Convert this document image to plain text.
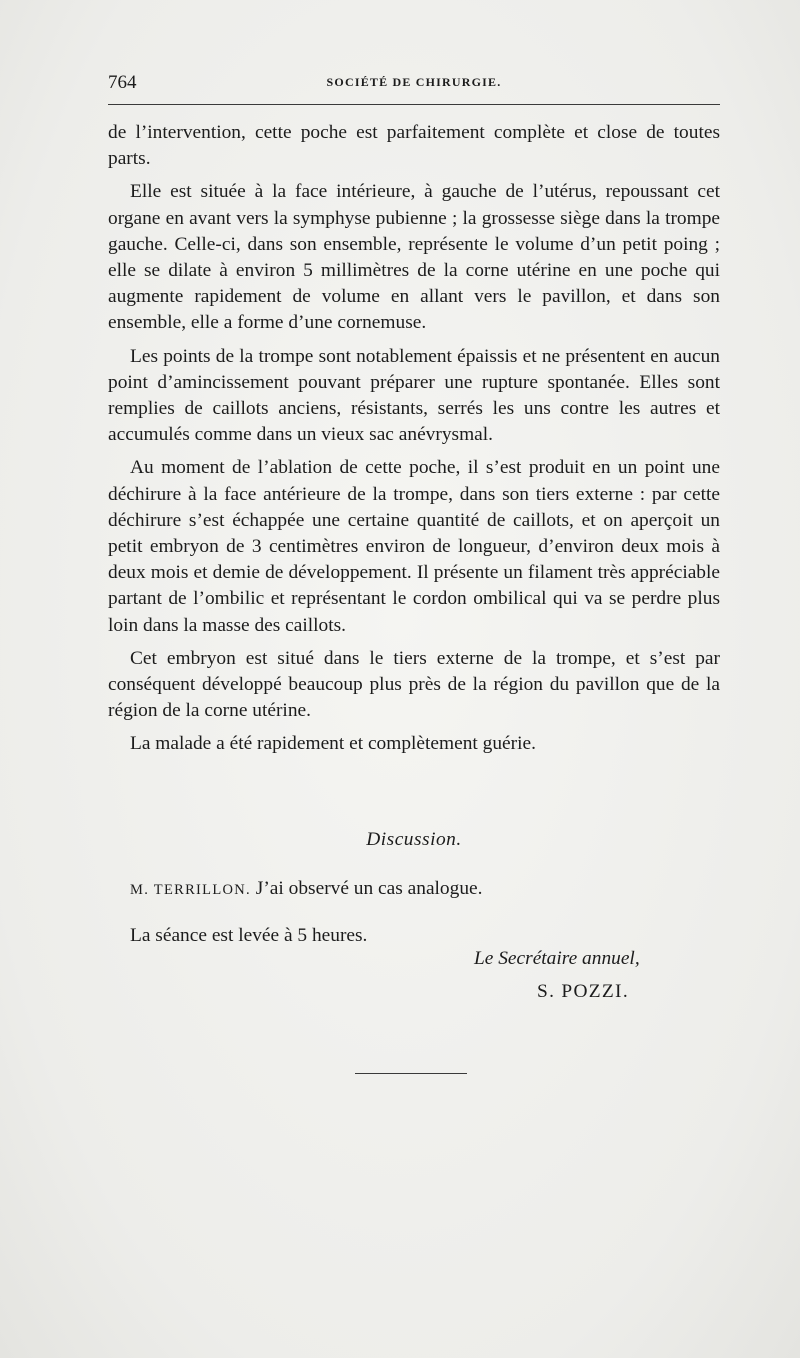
764	SOCIÉTÉ DE CHIRURGIE.

de l’intervention, cette poche est parfaitement complète et close de toutes parts.

Elle est située à la face intérieure, à gauche de l’utérus, repoussant cet organe en avant vers la symphyse pubienne ; la grossesse siège dans la trompe gauche. Celle-ci, dans son ensemble, représente le volume d’un petit poing ; elle se dilate à environ 5 millimètres de la corne utérine en une poche qui augmente rapidement de volume en allant vers le pavillon, et dans son ensemble, elle a forme d’une cornemuse.

Les points de la trompe sont notablement épaissis et ne présentent en aucun point d’amincissement pouvant préparer une rupture spontanée. Elles sont remplies de caillots anciens, résistants, serrés les uns contre les autres et accumulés comme dans un vieux sac anévrysmal.

Au moment de l’ablation de cette poche, il s’est produit en un point une déchirure à la face antérieure de la trompe, dans son tiers externe : par cette déchirure s’est échappée une certaine quantité de caillots, et on aperçoit un petit embryon de 3 centimètres environ de longueur, d’environ deux mois à deux mois et demie de développement. Il présente un filament très appréciable partant de l’ombilic et représentant le cordon ombilical qui va se perdre plus loin dans la masse des caillots.

Cet embryon est situé dans le tiers externe de la trompe, et s’est par conséquent développé beaucoup plus près de la région du pavillon que de la région de la corne utérine.

La malade a été rapidement et complètement guérie.

Discussion.
M. TERRILLON. J’ai observé un cas analogue.
La séance est levée à 5 heures.
Le Secrétaire annuel,
S. POZZI.
